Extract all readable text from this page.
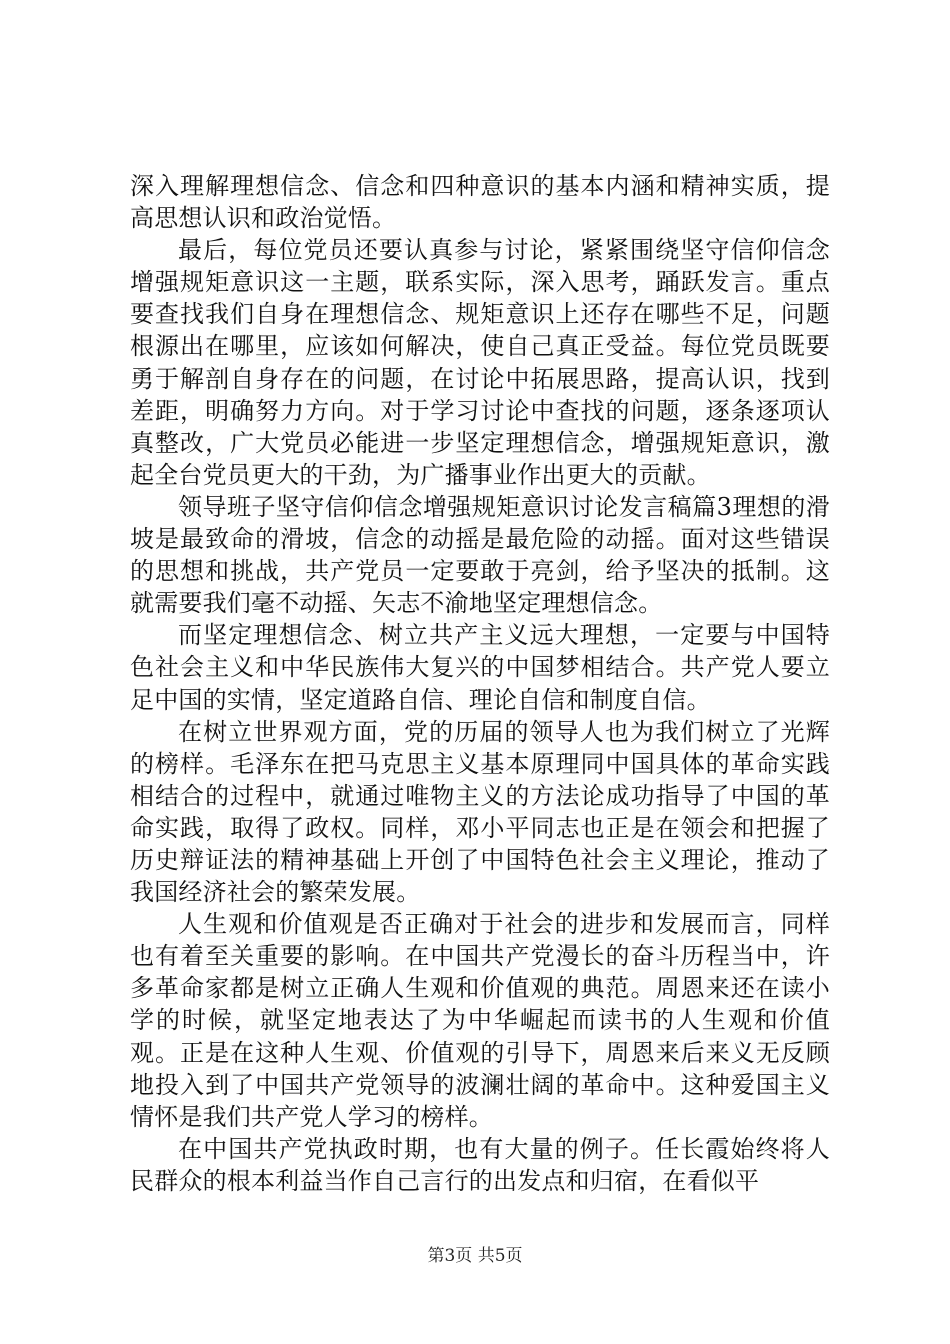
深入理解理想信念、信念和四种意识的基本内涵和精神实质，提高思想认识和政治觉悟。

最后，每位党员还要认真参与讨论，紧紧围绕坚守信仰信念增强规矩意识这一主题，联系实际，深入思考，踊跃发言。重点要查找我们自身在理想信念、规矩意识上还存在哪些不足，问题根源出在哪里，应该如何解决，使自己真正受益。每位党员既要勇于解剖自身存在的问题，在讨论中拓展思路，提高认识，找到差距，明确努力方向。对于学习讨论中查找的问题，逐条逐项认真整改，广大党员必能进一步坚定理想信念，增强规矩意识，激起全台党员更大的干劲，为广播事业作出更大的贡献。

领导班子坚守信仰信念增强规矩意识讨论发言稿篇3理想的滑坡是最致命的滑坡，信念的动摇是最危险的动摇。面对这些错误的思想和挑战，共产党员一定要敢于亮剑，给予坚决的抵制。这就需要我们毫不动摇、矢志不渝地坚定理想信念。

而坚定理想信念、树立共产主义远大理想，一定要与中国特色社会主义和中华民族伟大复兴的中国梦相结合。共产党人要立足中国的实情，坚定道路自信、理论自信和制度自信。

在树立世界观方面，党的历届的领导人也为我们树立了光辉的榜样。毛泽东在把马克思主义基本原理同中国具体的革命实践相结合的过程中，就通过唯物主义的方法论成功指导了中国的革命实践，取得了政权。同样，邓小平同志也正是在领会和把握了历史辩证法的精神基础上开创了中国特色社会主义理论，推动了我国经济社会的繁荣发展。

人生观和价值观是否正确对于社会的进步和发展而言，同样也有着至关重要的影响。在中国共产党漫长的奋斗历程当中，许多革命家都是树立正确人生观和价值观的典范。周恩来还在读小学的时候，就坚定地表达了为中华崛起而读书的人生观和价值观。正是在这种人生观、价值观的引导下，周恩来后来义无反顾地投入到了中国共产党领导的波澜壮阔的革命中。这种爱国主义情怀是我们共产党人学习的榜样。

在中国共产党执政时期，也有大量的例子。任长霞始终将人民群众的根本利益当作自己言行的出发点和归宿，在看似平

第3页 共5页
